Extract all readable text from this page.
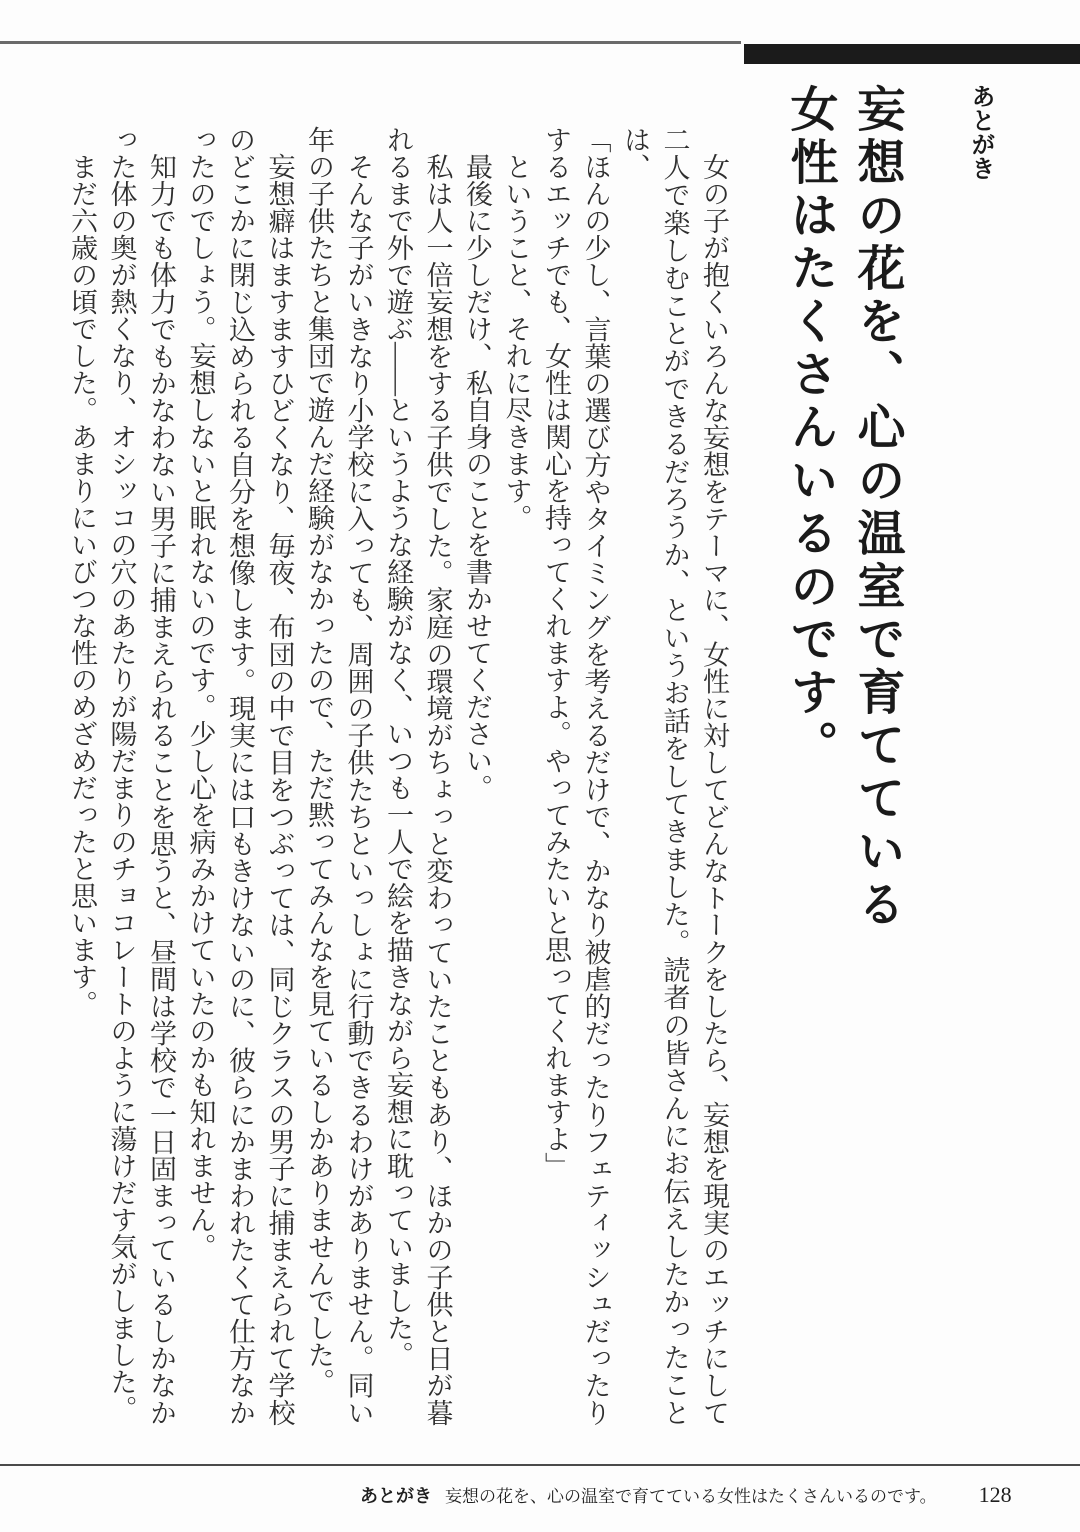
あとがき
妄想の花を、心の温室で育てている
女性はたくさんいるのです。

女の子が抱くいろんな妄想をテーマに、女性に対してどんなトークをしたら、妄想を現実のエッチにして二人で楽しむことができるだろうか、というお話をしてきました。読者の皆さんにお伝えしたかったことは、

「ほんの少し、言葉の選び方やタイミングを考えるだけで、かなり被虐的だったりフェティッシュだったりするエッチでも、女性は関心を持ってくれますよ。やってみたいと思ってくれますよ」

ということ、それに尽きます。

最後に少しだけ、私自身のことを書かせてください。

私は人一倍妄想をする子供でした。家庭の環境がちょっと変わっていたこともあり、ほかの子供と日が暮れるまで外で遊ぶ――というような経験がなく、いつも一人で絵を描きながら妄想に耽っていました。

そんな子がいきなり小学校に入っても、周囲の子供たちといっしょに行動できるわけがありません。同い年の子供たちと集団で遊んだ経験がなかったので、ただ黙ってみんなを見ているしかありませんでした。

妄想癖はますますひどくなり、毎夜、布団の中で目をつぶっては、同じクラスの男子に捕まえられて学校のどこかに閉じ込められる自分を想像します。現実には口もきけないのに、彼らにかまわれたくて仕方なかったのでしょう。妄想しないと眠れないのです。少し心を病みかけていたのかも知れません。

知力でも体力でもかなわない男子に捕まえられることを思うと、昼間は学校で一日固まっているしかなかった体の奥が熱くなり、オシッコの穴のあたりが陽だまりのチョコレートのように蕩けだす気がしました。

まだ六歳の頃でした。あまりにいびつな性のめざめだったと思います。

あとがき 妄想の花を、心の温室で育てている女性はたくさんいるのです。 128
